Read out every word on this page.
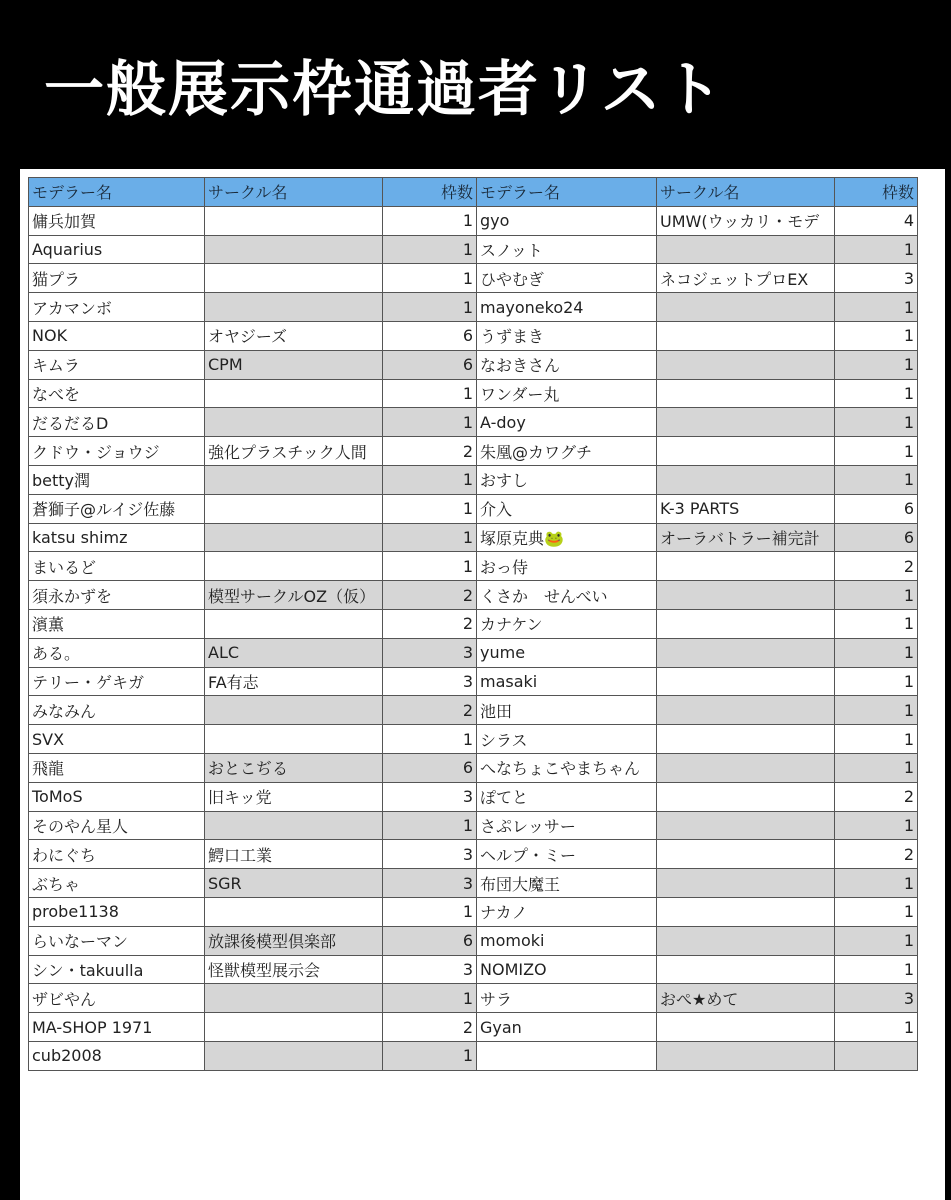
一般展示枠通過者リスト
モデラー名	サークル名	枠数	モデラー名	サークル名	枠数
傭兵加賀		1	gyo	UMW(ウッカリ・モデ	4
Aquarius		1	スノット		1
猫プラ		1	ひやむぎ	ネコジェットプロEX	3
アカマンボ		1	mayoneko24		1
NOK	オヤジーズ	6	うずまき		1
キムラ	CPM	6	なおきさん		1
なべを		1	ワンダー丸		1
だるだるD		1	A-doy		1
クドウ・ジョウジ	強化プラスチック人間	2	朱凰@カワグチ		1
betty潤		1	おすし		1
蒼獅子@ルイジ佐藤		1	介入	K-3 PARTS	6
katsu shimz		1	塚原克典🐸	オーラバトラー補完計	6
まいるど		1	おっ侍		2
須永かずを	模型サークルOZ（仮）	2	くさか　せんべい		1
濱薫		2	カナケン		1
ある。	ALC	3	yume		1
テリー・ゲキガ	FA有志	3	masaki		1
みなみん		2	池田		1
SVX		1	シラス		1
飛龍	おとこぢる	6	へなちょこやまちゃん		1
ToMoS	旧キッ党	3	ぽてと		2
そのやん星人		1	さぷレッサー		1
わにぐち	鰐口工業	3	ヘルプ・ミー		2
ぶちゃ	SGR	3	布団大魔王		1
probe1138		1	ナカノ		1
らいなーマン	放課後模型倶楽部	6	momoki		1
シン・takuulla	怪獣模型展示会	3	NOMIZO		1
ザビやん		1	サラ	おぺ★めて	3
MA-SHOP 1971		2	Gyan		1
cub2008		1			
